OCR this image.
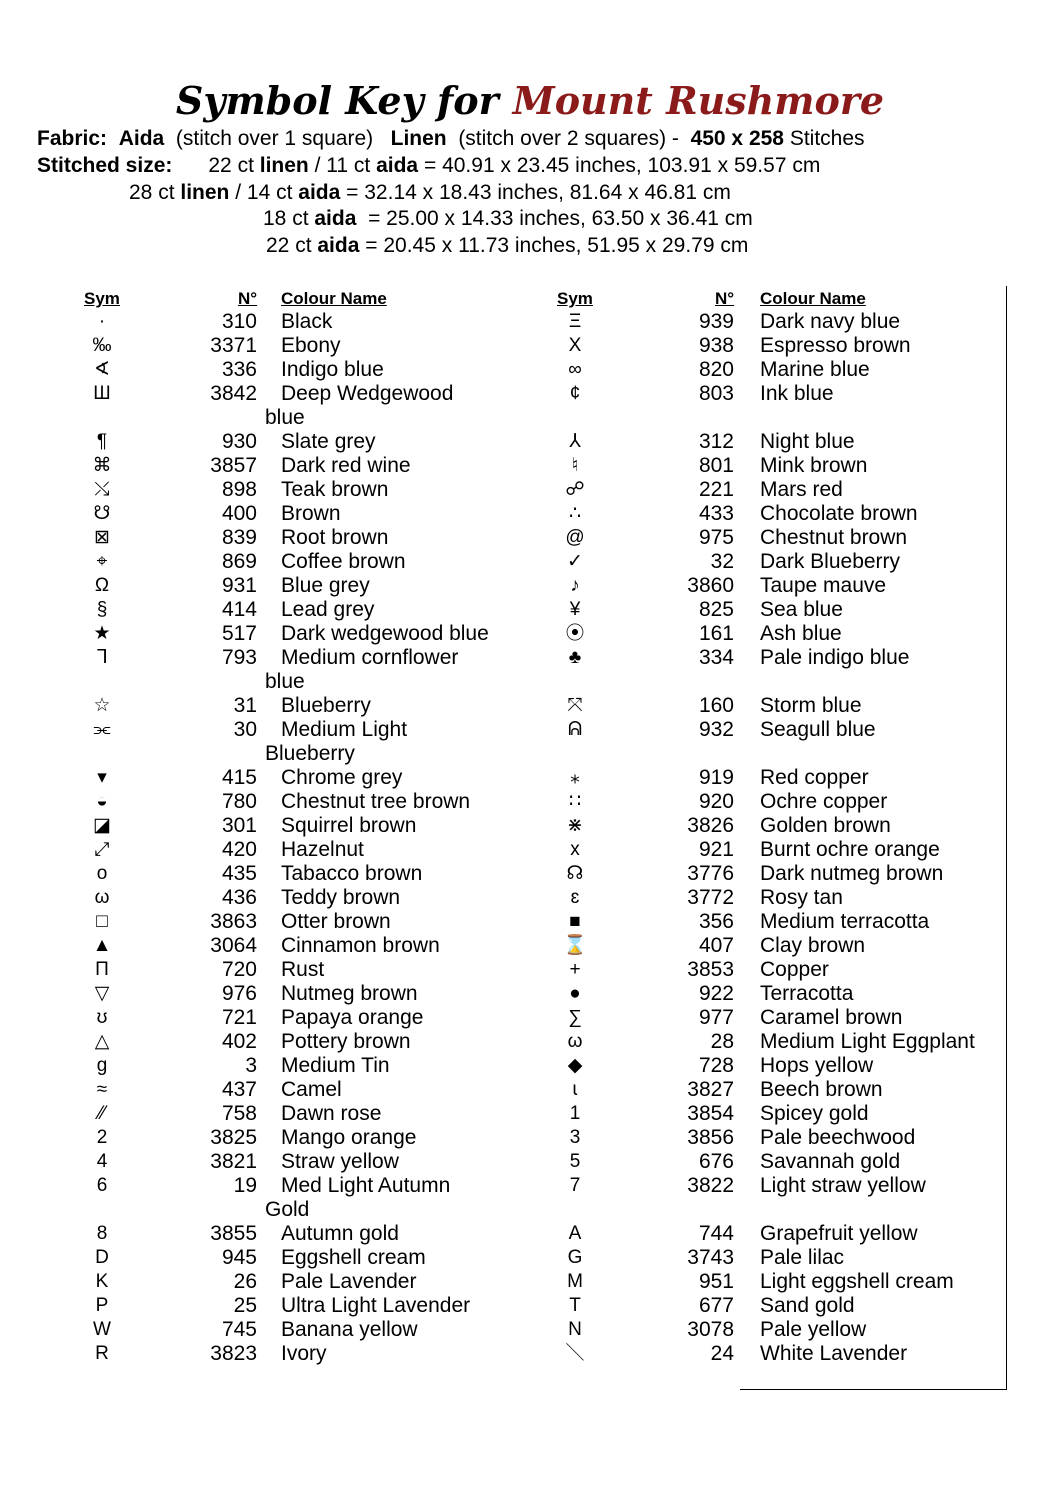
Symbol Key for Mount Rushmore
Fabric: Aida (stitch over 1 square) Linen (stitch over 2 squares) - 450 x 258 Stitches
Stitched size: 22 ct linen / 11 ct aida = 40.91 x 23.45 inches, 103.91 x 59.57 cm
28 ct linen / 14 ct aida = 32.14 x 18.43 inches, 81.64 x 46.81 cm
18 ct aida = 25.00 x 14.33 inches, 63.50 x 36.41 cm
22 ct aida = 20.45 x 11.73 inches, 51.95 x 29.79 cm
Sym	N° Colour Name	Sym	N° Colour Name
·	310 Black
‰	3371 Ebony
∢	336 Indigo blue
Ш	3842 Deep Wedgewood
blue
¶	930 Slate grey
⌘	3857 Dark red wine
⤯	898 Teak brown
☋	400 Brown
⊠	839 Root brown
⌖	869 Coffee brown
Ω	931 Blue grey
§	414 Lead grey
★	517 Dark wedgewood blue
ᒣ	793 Medium cornflower
blue
☆	31 Blueberry
⫘	30 Medium Light
Blueberry
▾	415 Chrome grey
◒	780 Chestnut tree brown
◪	301 Squirrel brown
⤢	420 Hazelnut
o	435 Tabacco brown
ω	436 Teddy brown
□	3863 Otter brown
▲	3064 Cinnamon brown
Π	720 Rust
▽	976 Nutmeg brown
ʊ	721 Papaya orange
△	402 Pottery brown
g	3 Medium Tin
≈	437 Camel
⁄⁄	758 Dawn rose
2	3825 Mango orange
4	3821 Straw yellow
6	19 Med Light Autumn
Gold
8	3855 Autumn gold
D	945 Eggshell cream
K	26 Pale Lavender
P	25 Ultra Light Lavender
W	745 Banana yellow
R	3823 Ivory
Ξ	939 Dark navy blue
X	938 Espresso brown
∞	820 Marine blue
¢	803 Ink blue
⅄	312 Night blue
♮	801 Mink brown
☍	221 Mars red
∴	433 Chocolate brown
@	975 Chestnut brown
✓	32 Dark Blueberry
♪	3860 Taupe mauve
¥	825 Sea blue
⦿	161 Ash blue
♣	334 Pale indigo blue
⤧	160 Storm blue
ᕱ	932 Seagull blue
⁎	919 Red copper
∷	920 Ochre copper
⋇	3826 Golden brown
x	921 Burnt ochre orange
☊	3776 Dark nutmeg brown
ɛ	3772 Rosy tan
■	356 Medium terracotta
⌛	407 Clay brown
+	3853 Copper
●	922 Terracotta
∑	977 Caramel brown
ω	28 Medium Light Eggplant
◆	728 Hops yellow
ɩ	3827 Beech brown
1	3854 Spicey gold
3	3856 Pale beechwood
5	676 Savannah gold
7	3822 Light straw yellow
A	744 Grapefruit yellow
G	3743 Pale lilac
M	951 Light eggshell cream
T	677 Sand gold
N	3078 Pale yellow
＼	24 White Lavender
